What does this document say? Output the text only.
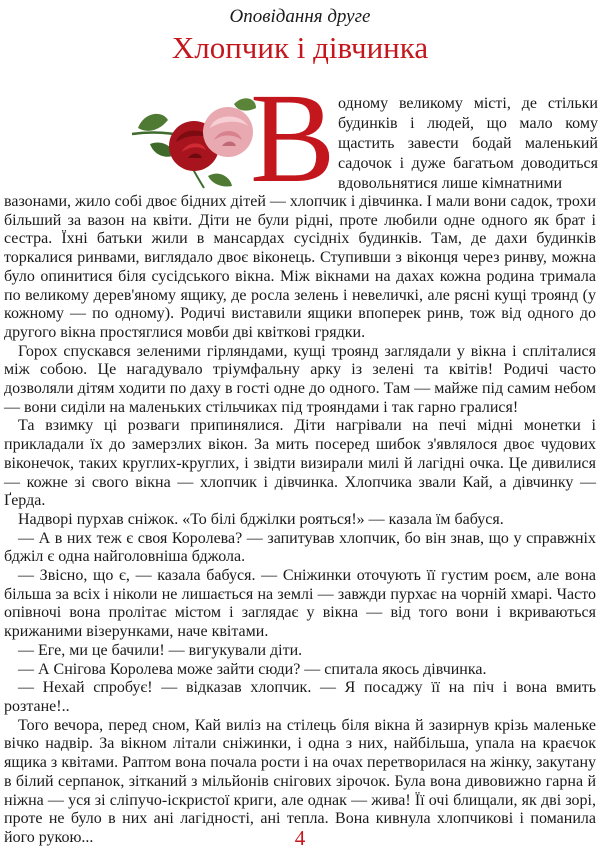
Оповідання друге
Хлопчик і дівчинка
В одному великому місті, де стільки
будинків і людей, що мало кому
щастить завести бодай маленький
садочок і дуже багатьом доводиться
вдовольнятися лише кімнатними

вазонами, жило собі двоє бідних дітей — хлопчик і дівчинка. І мали вони садок, трохи більший за вазон на квіти. Діти не були рідні, проте любили одне одного як брат і сестра. Їхні батьки жили в мансардах сусідніх будинків. Там, де дахи будинків торкалися ринвами, виглядало двоє віконець. Ступивши з віконця через ринву, можна було опинитися біля сусідського вікна. Між вікнами на дахах кожна родина тримала по великому дерев'яному ящику, де росла зелень і невеличкі, але рясні кущі троянд (у кожному — по одному). Родичі виставили ящики впоперек ринв, тож від одного до другого вікна простяглися мовби дві квіткові грядки.

Горох спускався зеленими гірляндами, кущі троянд заглядали у вікна і спліталися між собою. Це нагадувало тріумфальну арку із зелені та квітів! Родичі часто дозволяли дітям ходити по даху в гості одне до одного. Там — майже під самим небом — вони сиділи на маленьких стільчиках під трояндами і так гарно гралися!

Та взимку ці розваги припинялися. Діти нагрівали на печі мідні монетки і прикладали їх до замерзлих вікон. За мить посеред шибок з'являлося двоє чудових віконечок, таких круглих-круглих, і звідти визирали милі й лагідні очка. Це дивилися — кожне зі свого вікна — хлопчик і дівчинка. Хлопчика звали Кай, а дівчинку — Ґерда.

Надворі пурхав сніжок. «То білі бджілки рояться!» — казала їм бабуся.

— А в них теж є своя Королева? — запитував хлопчик, бо він знав, що у справжніх бджіл є одна найголовніша бджола.

— Звісно, що є, — казала бабуся. — Сніжинки оточують її густим роєм, але вона більша за всіх і ніколи не лишається на землі — завжди пурхає на чорній хмарі. Часто опівночі вона пролітає містом і заглядає у вікна — від того вони і вкриваються крижаними візерунками, наче квітами.

— Еге, ми це бачили! — вигукували діти.

— А Снігова Королева може зайти сюди? — спитала якось дівчинка.

— Нехай спробує! — відказав хлопчик. — Я посаджу її на піч і вона вмить розтане!..

Того вечора, перед сном, Кай виліз на стілець біля вікна й зазирнув крізь маленьке вічко надвір. За вікном літали сніжинки, і одна з них, найбільша, упала на краєчок ящика з квітами. Раптом вона почала рости і на очах перетворилася на жінку, закутану в білий серпанок, зітканий з мільйонів снігових зірочок. Була вона дивовижно гарна й ніжна — уся зі сліпучо-іскристої криги, але однак — жива! Її очі блищали, як дві зорі, проте не було в них ані лагідності, ані тепла. Вона кивнула хлопчикові і поманила його рукою...	4
